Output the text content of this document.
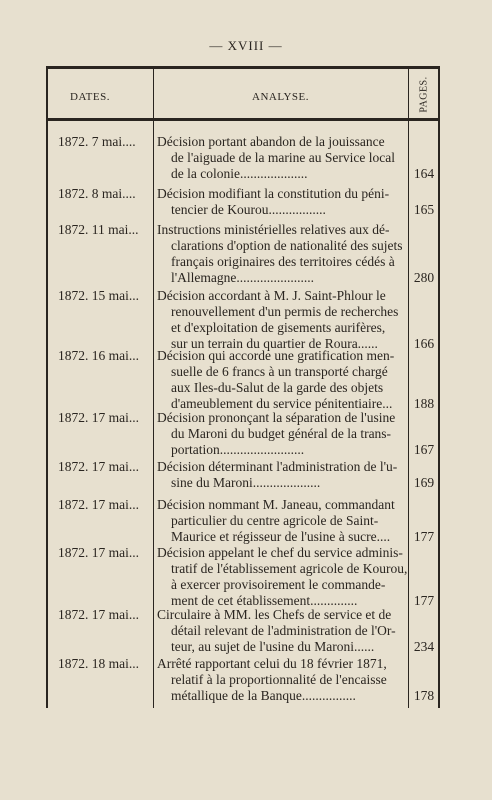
— XVIII —
DATES.	ANALYSE.	PAGES.
1872. 7 mai....	Décision portant abandon de la jouissance
de l'aiguade de la marine au Service local
de la colonie....................	164
1872. 8 mai....	Décision modifiant la constitution du péni-
tencier de Kourou.................	165
1872. 11 mai...	Instructions ministérielles relatives aux dé-
clarations d'option de nationalité des sujets
français originaires des territoires cédés à
l'Allemagne.......................	280
1872. 15 mai...	Décision accordant à M. J. Saint-Phlour le
renouvellement d'un permis de recherches
et d'exploitation de gisements aurifères,
sur un terrain du quartier de Roura......	166
1872. 16 mai...	Décision qui accorde une gratification men-
suelle de 6 francs à un transporté chargé
aux Iles-du-Salut de la garde des objets
d'ameublement du service pénitentiaire...	188
1872. 17 mai...	Décision prononçant la séparation de l'usine
du Maroni du budget général de la trans-
portation.........................	167
1872. 17 mai...	Décision déterminant l'administration de l'u-
sine du Maroni....................	169
1872. 17 mai...	Décision nommant M. Janeau, commandant
particulier du centre agricole de Saint-
Maurice et régisseur de l'usine à sucre....	177
1872. 17 mai...	Décision appelant le chef du service adminis-
tratif de l'établissement agricole de Kourou,
à exercer provisoirement le commande-
ment de cet établissement..............	177
1872. 17 mai...	Circulaire à MM. les Chefs de service et de
détail relevant de l'administration de l'Or-
teur, au sujet de l'usine du Maroni......	234
1872. 18 mai...	Arrêté rapportant celui du 18 février 1871,
relatif à la proportionnalité de l'encaisse
métallique de la Banque................	178
